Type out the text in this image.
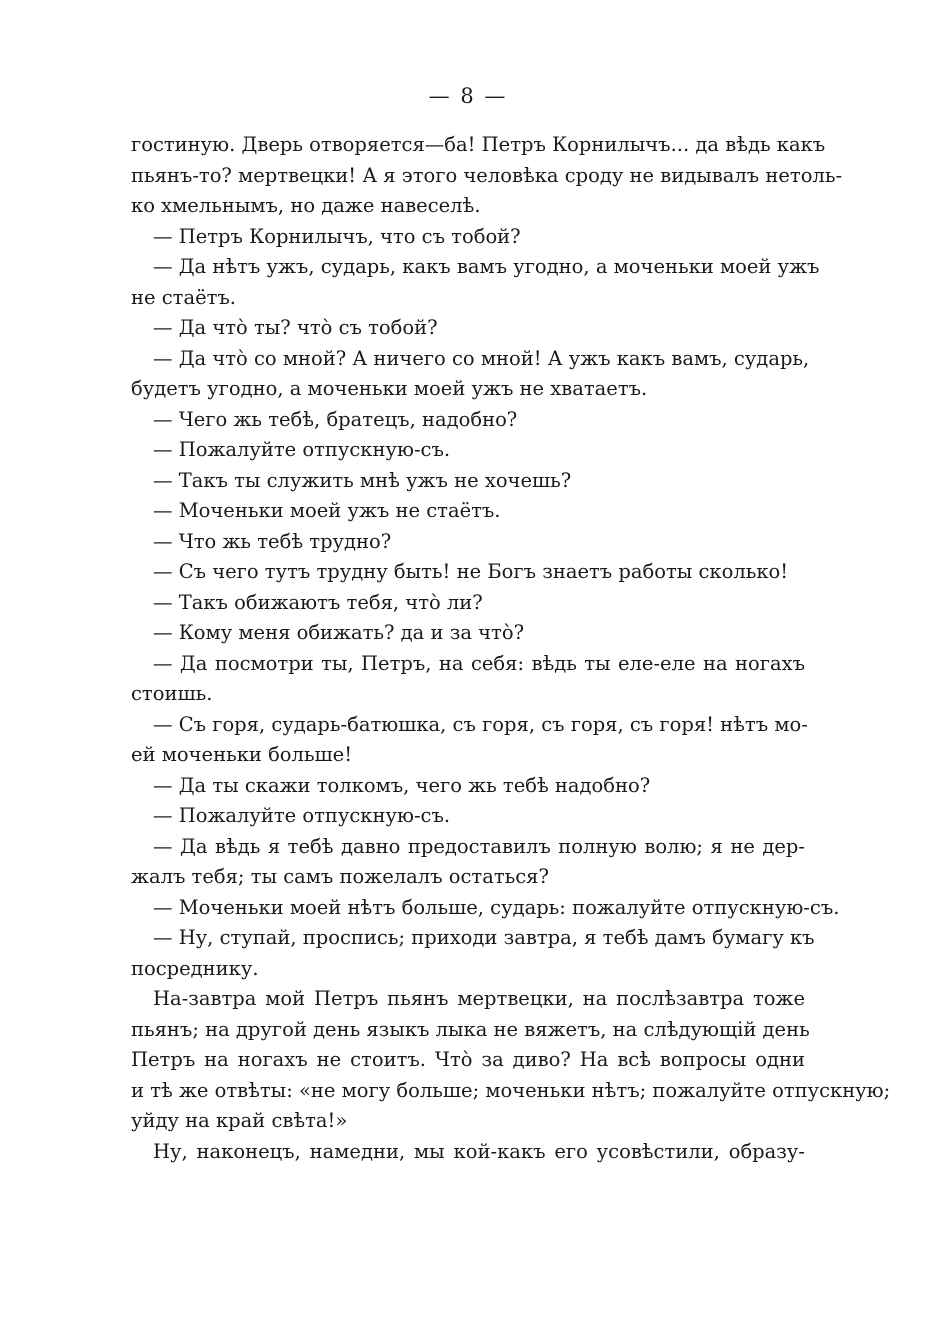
— 8 —
гостиную. Дверь отворяется—ба! Петръ Корнилычъ... да вѣдь какъ
пьянъ-то? мертвецки! А я этого человѣка сроду не видывалъ нетоль-
ко хмельнымъ, но даже навеселѣ.
— Петръ Корнилычъ, что съ тобой?
— Да нѣтъ ужъ, сударь, какъ вамъ угодно, а моченьки моей ужъ
не стаётъ.
— Да что̀ ты? что̀ съ тобой?
— Да что̀ со мной? А ничего со мной! А ужъ какъ вамъ, сударь,
будетъ угодно, а моченьки моей ужъ не хватаетъ.
— Чего жь тебѣ, братецъ, надобно?
— Пожалуйте отпускную-съ.
— Такъ ты служить мнѣ ужъ не хочешь?
— Моченьки моей ужъ не стаётъ.
— Что жь тебѣ трудно?
— Съ чего тутъ трудну быть! не Богъ знаетъ работы сколько!
— Такъ обижаютъ тебя, что̀ ли?
— Кому меня обижать? да и за что̀?
— Да посмотри ты, Петръ, на себя: вѣдь ты еле-еле на ногахъ
стоишь.
— Съ горя, сударь-батюшка, съ горя, съ горя, съ горя! нѣтъ мо-
ей моченьки больше!
— Да ты скажи толкомъ, чего жь тебѣ надобно?
— Пожалуйте отпускную-съ.
— Да вѣдь я тебѣ давно предоставилъ полную волю; я не дер-
жалъ тебя; ты самъ пожелалъ остаться?
— Моченьки моей нѣтъ больше, сударь: пожалуйте отпускную-съ.
— Ну, ступай, проспись; приходи завтра, я тебѣ дамъ бумагу къ
посреднику.
На-завтра мой Петръ пьянъ мертвецки, на послѣзавтра тоже
пьянъ; на другой день языкъ лыка не вяжетъ, на слѣдующій день
Петръ на ногахъ не стоитъ. Что̀ за диво? На всѣ вопросы одни
и тѣ же отвѣты: «не могу больше; моченьки нѣтъ; пожалуйте отпускную;
уйду на край свѣта!»
Ну, наконецъ, намедни, мы кой-какъ его усовѣстили, образу-
